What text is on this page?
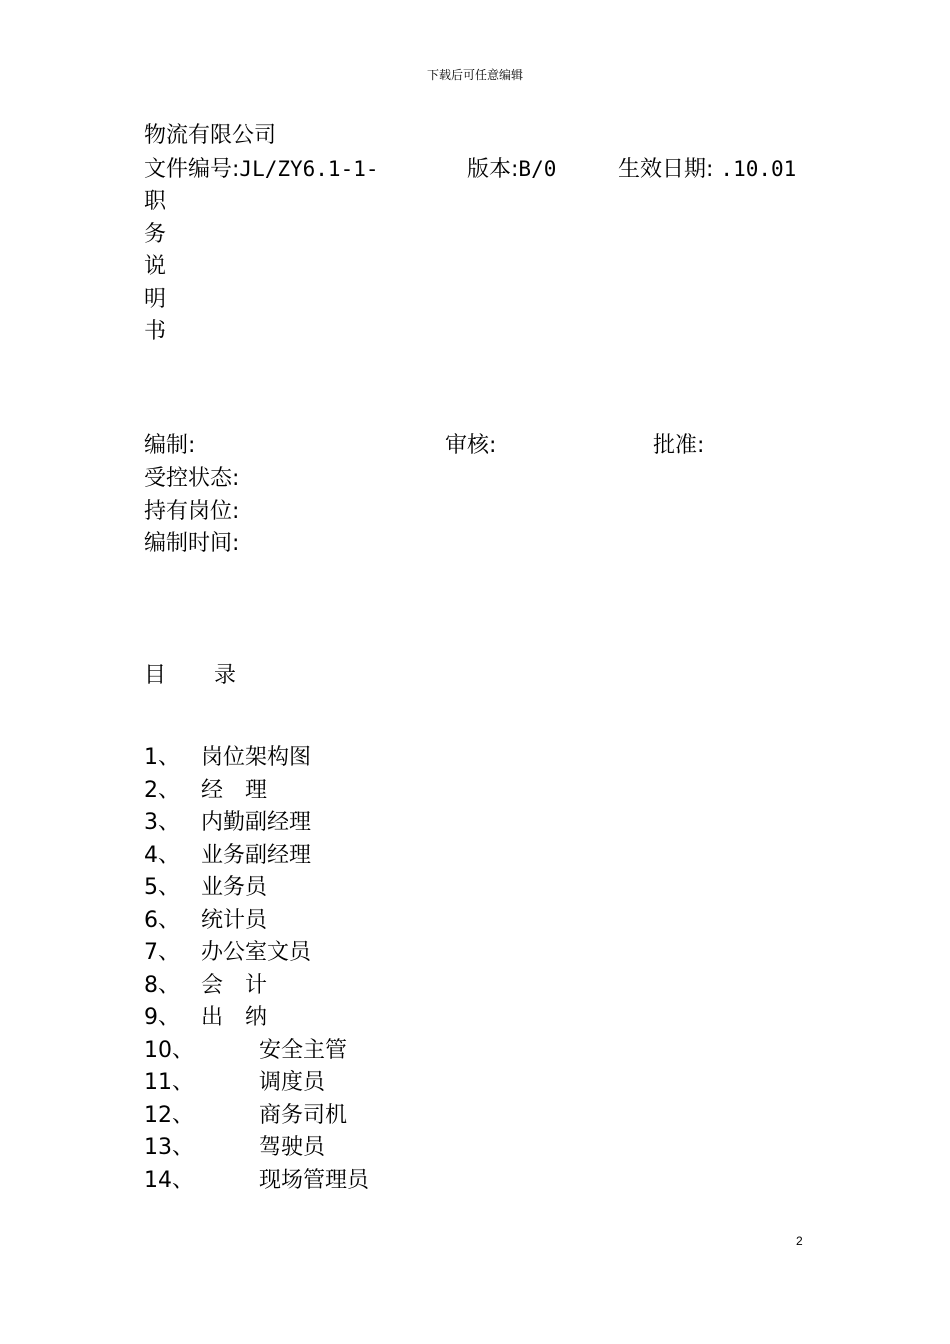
下载后可任意编辑
物流有限公司
文件编号:JL/ZY6.1-1-	版本:B/0	生效日期: .10.01
职
务
说
明
书
编制:	审核:	批准:
受控状态:
持有岗位:
编制时间:
目 录
1、 岗位架构图
2、 经　理
3、 内勤副经理
4、 业务副经理
5、 业务员
6、 统计员
7、 办公室文员
8、 会　计
9、 出　纳
10、	安全主管
11、	调度员
12、	商务司机
13、	驾驶员
14、	现场管理员
2
